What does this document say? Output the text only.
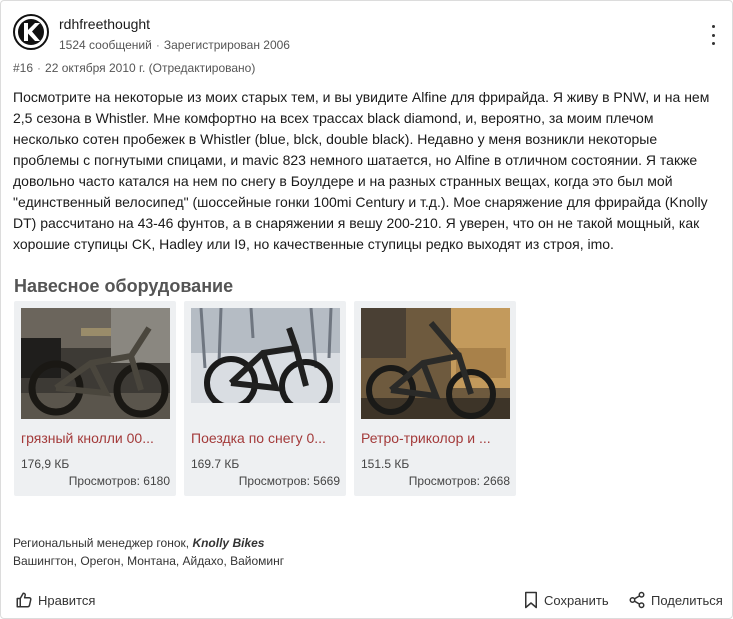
rdhfreethought
1524 сообщений · Зарегистрирован 2006
#16 · 22 октября 2010 г. (Отредактировано)
Посмотрите на некоторые из моих старых тем, и вы увидите Alfine для фрирайда. Я живу в PNW, и на нем 2,5 сезона в Whistler. Мне комфортно на всех трассах black diamond, и, вероятно, за моим плечом несколько сотен пробежек в Whistler (blue, blck, double black). Недавно у меня возникли некоторые проблемы с погнутыми спицами, и mavic 823 немного шатается, но Alfine в отличном состоянии. Я также довольно часто катался на нем по снегу в Боулдере и на разных странных вещах, когда это был мой "единственный велосипед" (шоссейные гонки 100mi Century и т.д.). Мое снаряжение для фрирайда (Knolly DT) рассчитано на 43-46 фунтов, а в снаряжении я вешу 200-210. Я уверен, что он не такой мощный, как хорошие ступицы CK, Hadley или I9, но качественные ступицы редко выходят из строя, imo.
Навесное оборудование
грязный кнолли 00...
176,9 КБ
Просмотров: 6180
Поездка по снегу 0...
169.7 КБ
Просмотров: 5669
Ретро-триколор и ...
151.5 КБ
Просмотров: 2668
Региональный менеджер гонок, Knolly Bikes
Вашингтон, Орегон, Монтана, Айдахо, Вайоминг
Нравится	Сохранить	Поделиться
